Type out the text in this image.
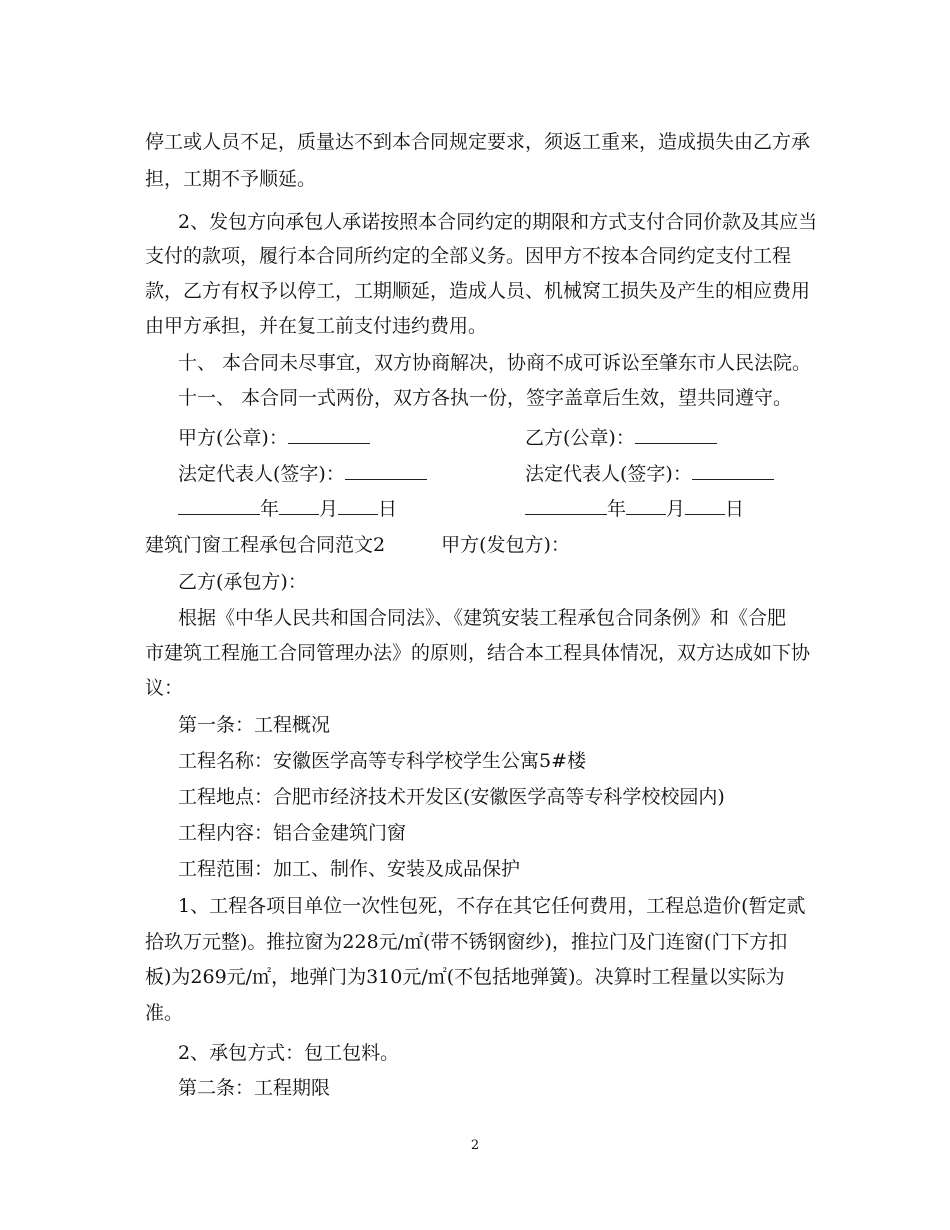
停工或人员不足，质量达不到本合同规定要求，须返工重来，造成损失由乙方承
担，工期不予顺延。
2、发包方向承包人承诺按照本合同约定的期限和方式支付合同价款及其应当
支付的款项，履行本合同所约定的全部义务。因甲方不按本合同约定支付工程
款，乙方有权予以停工，工期顺延，造成人员、机械窝工损失及产生的相应费用
由甲方承担，并在复工前支付违约费用。
十、 本合同未尽事宜，双方协商解决，协商不成可诉讼至肇东市人民法院。
十一、 本合同一式两份，双方各执一份，签字盖章后生效，望共同遵守。
甲方(公章)：	乙方(公章)：
法定代表人(签字)：	法定代表人(签字)：
年 月 日	年 月 日
建筑门窗工程承包合同范文2	甲方(发包方)：
乙方(承包方)：
根据《中华人民共和国合同法》、《建筑安装工程承包合同条例》和《合肥
市建筑工程施工合同管理办法》的原则，结合本工程具体情况，双方达成如下协
议：
第一条：工程概况
工程名称：安徽医学高等专科学校学生公寓5#楼
工程地点：合肥市经济技术开发区(安徽医学高等专科学校校园内)
工程内容：铝合金建筑门窗
工程范围：加工、制作、安装及成品保护
1、工程各项目单位一次性包死，不存在其它任何费用，工程总造价(暂定贰
拾玖万元整)。推拉窗为228元/㎡(带不锈钢窗纱)，推拉门及门连窗(门下方扣
板)为269元/㎡，地弹门为310元/㎡(不包括地弹簧)。决算时工程量以实际为
准。
2、承包方式：包工包料。
第二条：工程期限
2
